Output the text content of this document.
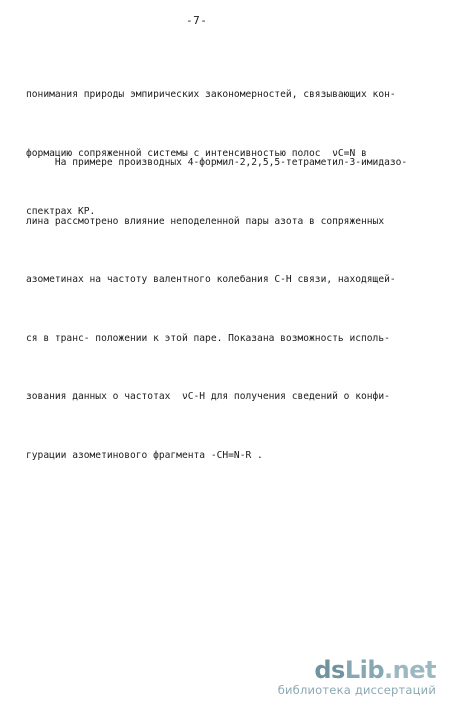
-7-

понимания природы эмпирических закономерностей, связывающих кон-

формацию сопряженной системы с интенсивностью полос  νC=N в

спектрах КР.

На примере производных 4-формил-2,2,5,5-тетраметил-3-имидазо-

лина рассмотрено влияние неподеленной пары азота в сопряженных

азометинах на частоту валентного колебания С-Н связи, находящей-

ся в транс- положении к этой паре. Показана возможность исполь-

зования данных о частотах  νC-H для получения сведений о конфи-

гурации азометинового фрагмента -CH=N-R .

dsLib.net
библиотека диссертаций
